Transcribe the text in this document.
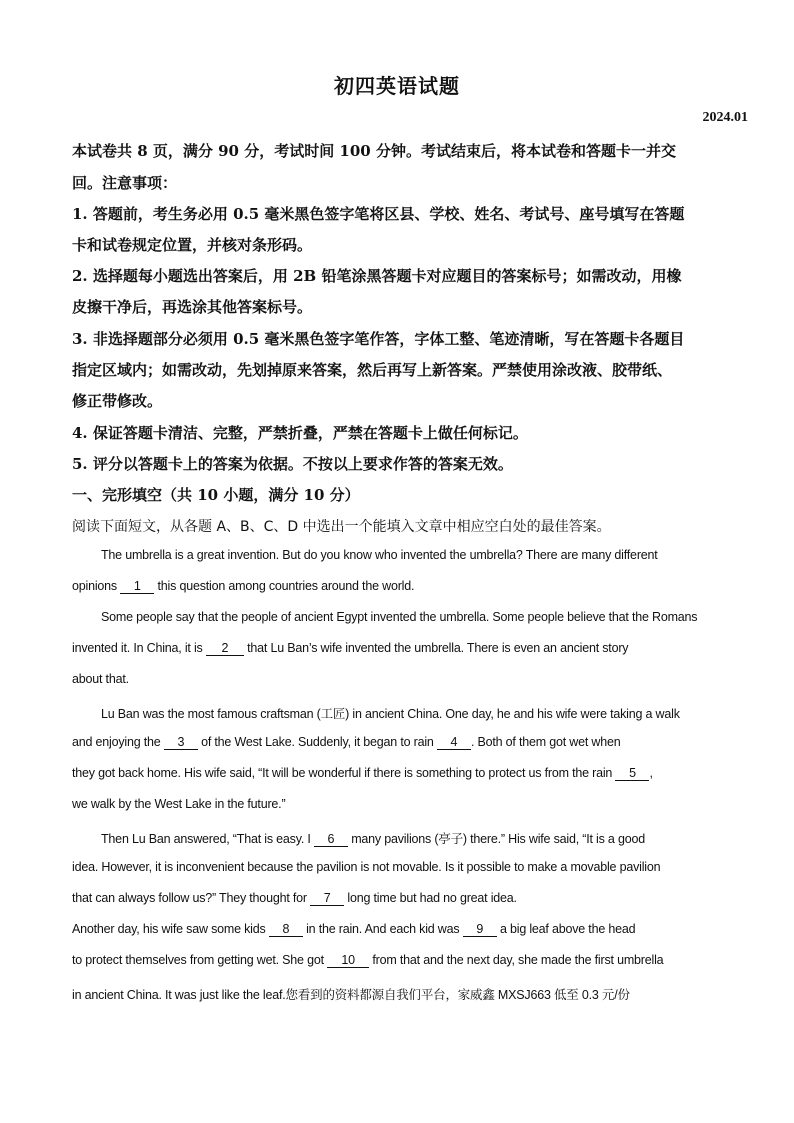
初四英语试题
2024.01
本试卷共 8 页，满分 90 分，考试时间 100 分钟。考试结束后，将本试卷和答题卡一并交
回。注意事项：
1. 答题前，考生务必用 0.5 毫米黑色签字笔将区县、学校、姓名、考试号、座号填写在答题
卡和试卷规定位置，并核对条形码。
2. 选择题每小题选出答案后，用 2B 铅笔涂黑答题卡对应题目的答案标号；如需改动，用橡
皮擦干净后，再选涂其他答案标号。
3. 非选择题部分必须用 0.5 毫米黑色签字笔作答，字体工整、笔迹清晰，写在答题卡各题目
指定区域内；如需改动，先划掉原来答案，然后再写上新答案。严禁使用涂改液、胶带纸、
修正带修改。
4. 保证答题卡清洁、完整，严禁折叠，严禁在答题卡上做任何标记。
5. 评分以答题卡上的答案为依据。不按以上要求作答的答案无效。
一、完形填空（共 10 小题，满分 10 分）
阅读下面短文，从各题 A、B、C、D 中选出一个能填入文章中相应空白处的最佳答案。
The umbrella is a great invention. But do you know who invented the umbrella? There are many different
opinions 1 this question among countries around the world.
Some people say that the people of ancient Egypt invented the umbrella. Some people believe that the Romans
invented it. In China, it is 2 that Lu Ban’s wife invented the umbrella. There is even an ancient story
about that.
Lu Ban was the most famous craftsman (工匠) in ancient China. One day, he and his wife were taking a walk
and enjoying the 3 of the West Lake. Suddenly, it began to rain 4 . Both of them got wet when
they got back home. His wife said, “It will be wonderful if there is something to protect us from the rain 5 ,
we walk by the West Lake in the future.”
Then Lu Ban answered, “That is easy. I 6 many pavilions (亭子) there.” His wife said, “It is a good
idea. However, it is inconvenient because the pavilion is not movable. Is it possible to make a movable pavilion
that can always follow us?” They thought for 7 long time but had no great idea.
Another day, his wife saw some kids 8 in the rain. And each kid was 9 a big leaf above the head
to protect themselves from getting wet. She got 10 from that and the next day, she made the first umbrella
in ancient China. It was just like the leaf.您看到的资料都源自我们平台，家威鑫 MXSJ663 低至 0.3 元/份
